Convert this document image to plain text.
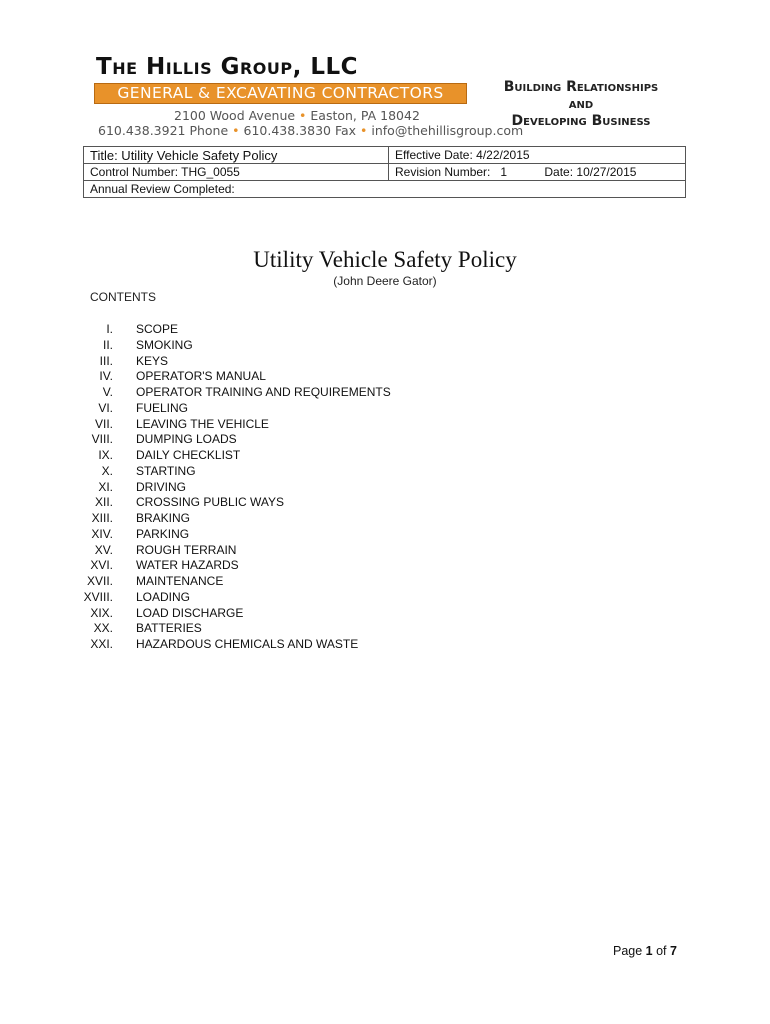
The Hillis Group, LLC
GENERAL & EXCAVATING CONTRACTORS
2100 Wood Avenue • Easton, PA 18042
610.438.3921 Phone • 610.438.3830 Fax • info@thehillisgroup.com
Building Relationships
and
Developing Business
Title: Utility Vehicle Safety Policy	Effective Date: 4/22/2015
Control Number: THG_0055	Revision Number: 1 Date: 10/27/2015
Annual Review Completed:	
Utility Vehicle Safety Policy
(John Deere Gator)
CONTENTS
I. SCOPE
II. SMOKING
III. KEYS
IV. OPERATOR'S MANUAL
V. OPERATOR TRAINING AND REQUIREMENTS
VI. FUELING
VII. LEAVING THE VEHICLE
VIII. DUMPING LOADS
IX. DAILY CHECKLIST
X. STARTING
XI. DRIVING
XII. CROSSING PUBLIC WAYS
XIII. BRAKING
XIV. PARKING
XV. ROUGH TERRAIN
XVI. WATER HAZARDS
XVII. MAINTENANCE
XVIII. LOADING
XIX. LOAD DISCHARGE
XX. BATTERIES
XXI. HAZARDOUS CHEMICALS AND WASTE
Page 1 of 7
